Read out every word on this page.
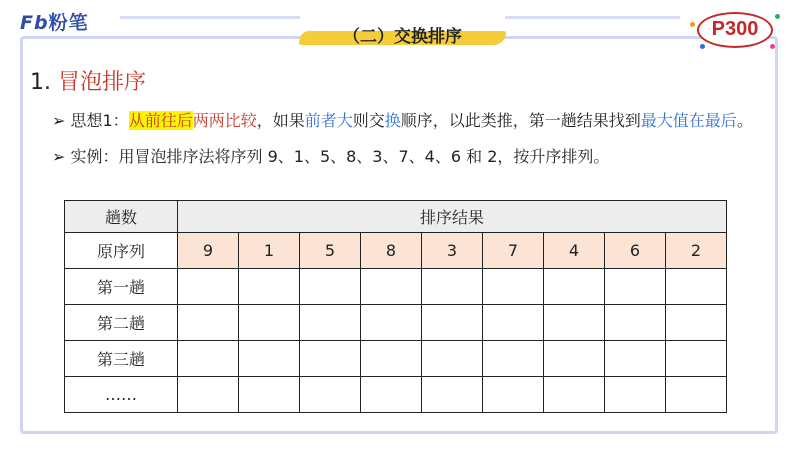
Fb粉笔
（二）交换排序	P300
1. 冒泡排序
➢ 思想1：从前往后两两比较，如果前者大则交换顺序，以此类推，第一趟结果找到最大值在最后。
➢ 实例：用冒泡排序法将序列 9、1、5、8、3、7、4、6 和 2，按升序排列。
趟数	排序结果								
原序列	9	1	5	8	3	7	4	6	2
第一趟									
第二趟									
第三趟									
……									
